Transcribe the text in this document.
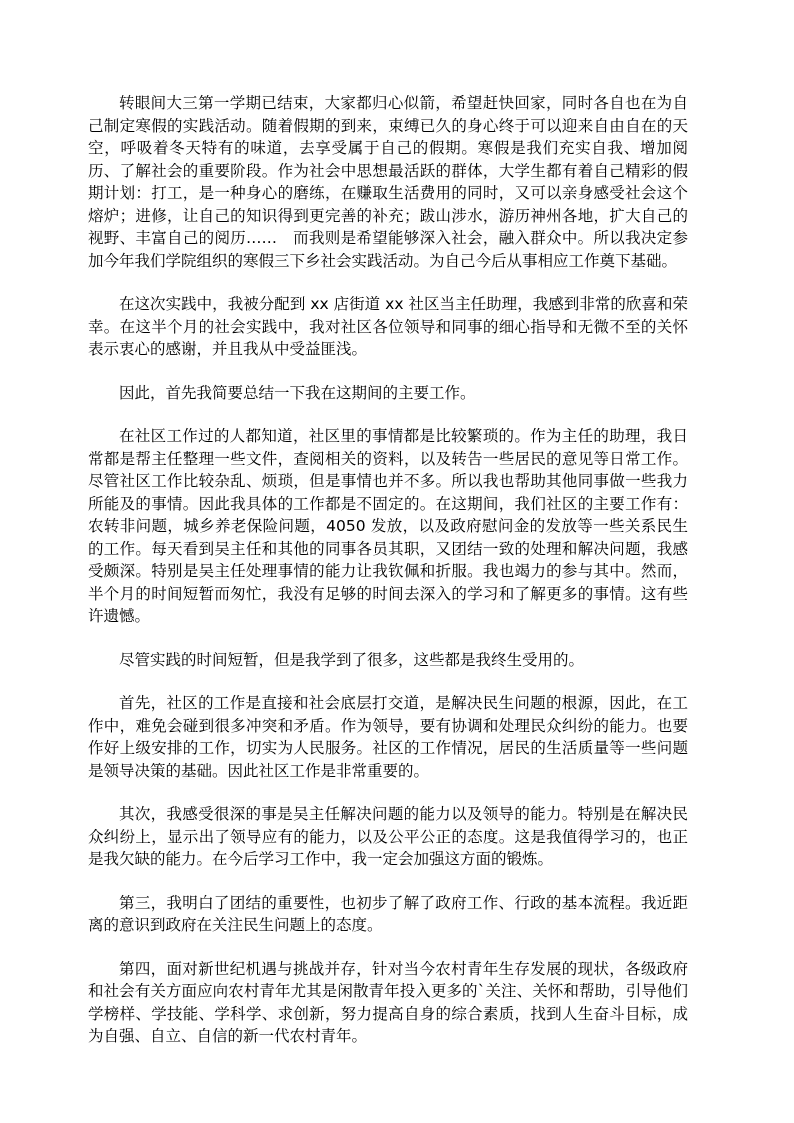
转眼间大三第一学期已结束，大家都归心似箭，希望赶快回家，同时各自也在为自己制定寒假的实践活动。随着假期的到来，束缚已久的身心终于可以迎来自由自在的天空，呼吸着冬天特有的味道，去享受属于自己的假期。寒假是我们充实自我、增加阅历、了解社会的重要阶段。作为社会中思想最活跃的群体，大学生都有着自己精彩的假期计划：打工，是一种身心的磨练，在赚取生活费用的同时，又可以亲身感受社会这个熔炉；进修，让自己的知识得到更完善的补充；跋山涉水，游历神州各地，扩大自己的视野、丰富自己的阅历……　而我则是希望能够深入社会，融入群众中。所以我决定参加今年我们学院组织的寒假三下乡社会实践活动。为自己今后从事相应工作奠下基础。

在这次实践中，我被分配到 xx 店街道 xx 社区当主任助理，我感到非常的欣喜和荣幸。在这半个月的社会实践中，我对社区各位领导和同事的细心指导和无微不至的关怀表示衷心的感谢，并且我从中受益匪浅。

因此，首先我简要总结一下我在这期间的主要工作。

在社区工作过的人都知道，社区里的事情都是比较繁琐的。作为主任的助理，我日常都是帮主任整理一些文件，查阅相关的资料，以及转告一些居民的意见等日常工作。尽管社区工作比较杂乱、烦琐，但是事情也并不多。所以我也帮助其他同事做一些我力所能及的事情。因此我具体的工作都是不固定的。在这期间，我们社区的主要工作有：农转非问题，城乡养老保险问题，4050 发放，以及政府慰问金的发放等一些关系民生的工作。每天看到吴主任和其他的同事各员其职，又团结一致的处理和解决问题，我感受颇深。特别是吴主任处理事情的能力让我钦佩和折服。我也竭力的参与其中。然而，半个月的时间短暂而匆忙，我没有足够的时间去深入的学习和了解更多的事情。这有些许遗憾。

尽管实践的时间短暂，但是我学到了很多，这些都是我终生受用的。

首先，社区的工作是直接和社会底层打交道，是解决民生问题的根源，因此，在工作中，难免会碰到很多冲突和矛盾。作为领导，要有协调和处理民众纠纷的能力。也要作好上级安排的工作，切实为人民服务。社区的工作情况，居民的生活质量等一些问题是领导决策的基础。因此社区工作是非常重要的。

其次，我感受很深的事是吴主任解决问题的能力以及领导的能力。特别是在解决民众纠纷上，显示出了领导应有的能力，以及公平公正的态度。这是我值得学习的，也正是我欠缺的能力。在今后学习工作中，我一定会加强这方面的锻炼。

第三，我明白了团结的重要性，也初步了解了政府工作、行政的基本流程。我近距离的意识到政府在关注民生问题上的态度。

第四，面对新世纪机遇与挑战并存，针对当今农村青年生存发展的现状，各级政府和社会有关方面应向农村青年尤其是闲散青年投入更多的`关注、关怀和帮助，引导他们学榜样、学技能、学科学、求创新，努力提高自身的综合素质，找到人生奋斗目标，成为自强、自立、自信的新一代农村青年。
